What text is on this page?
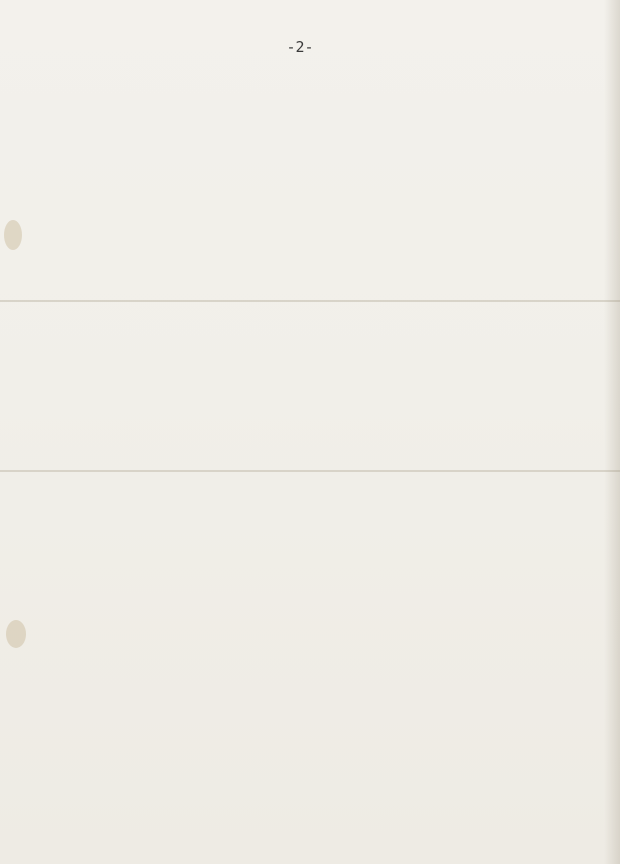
-2-
